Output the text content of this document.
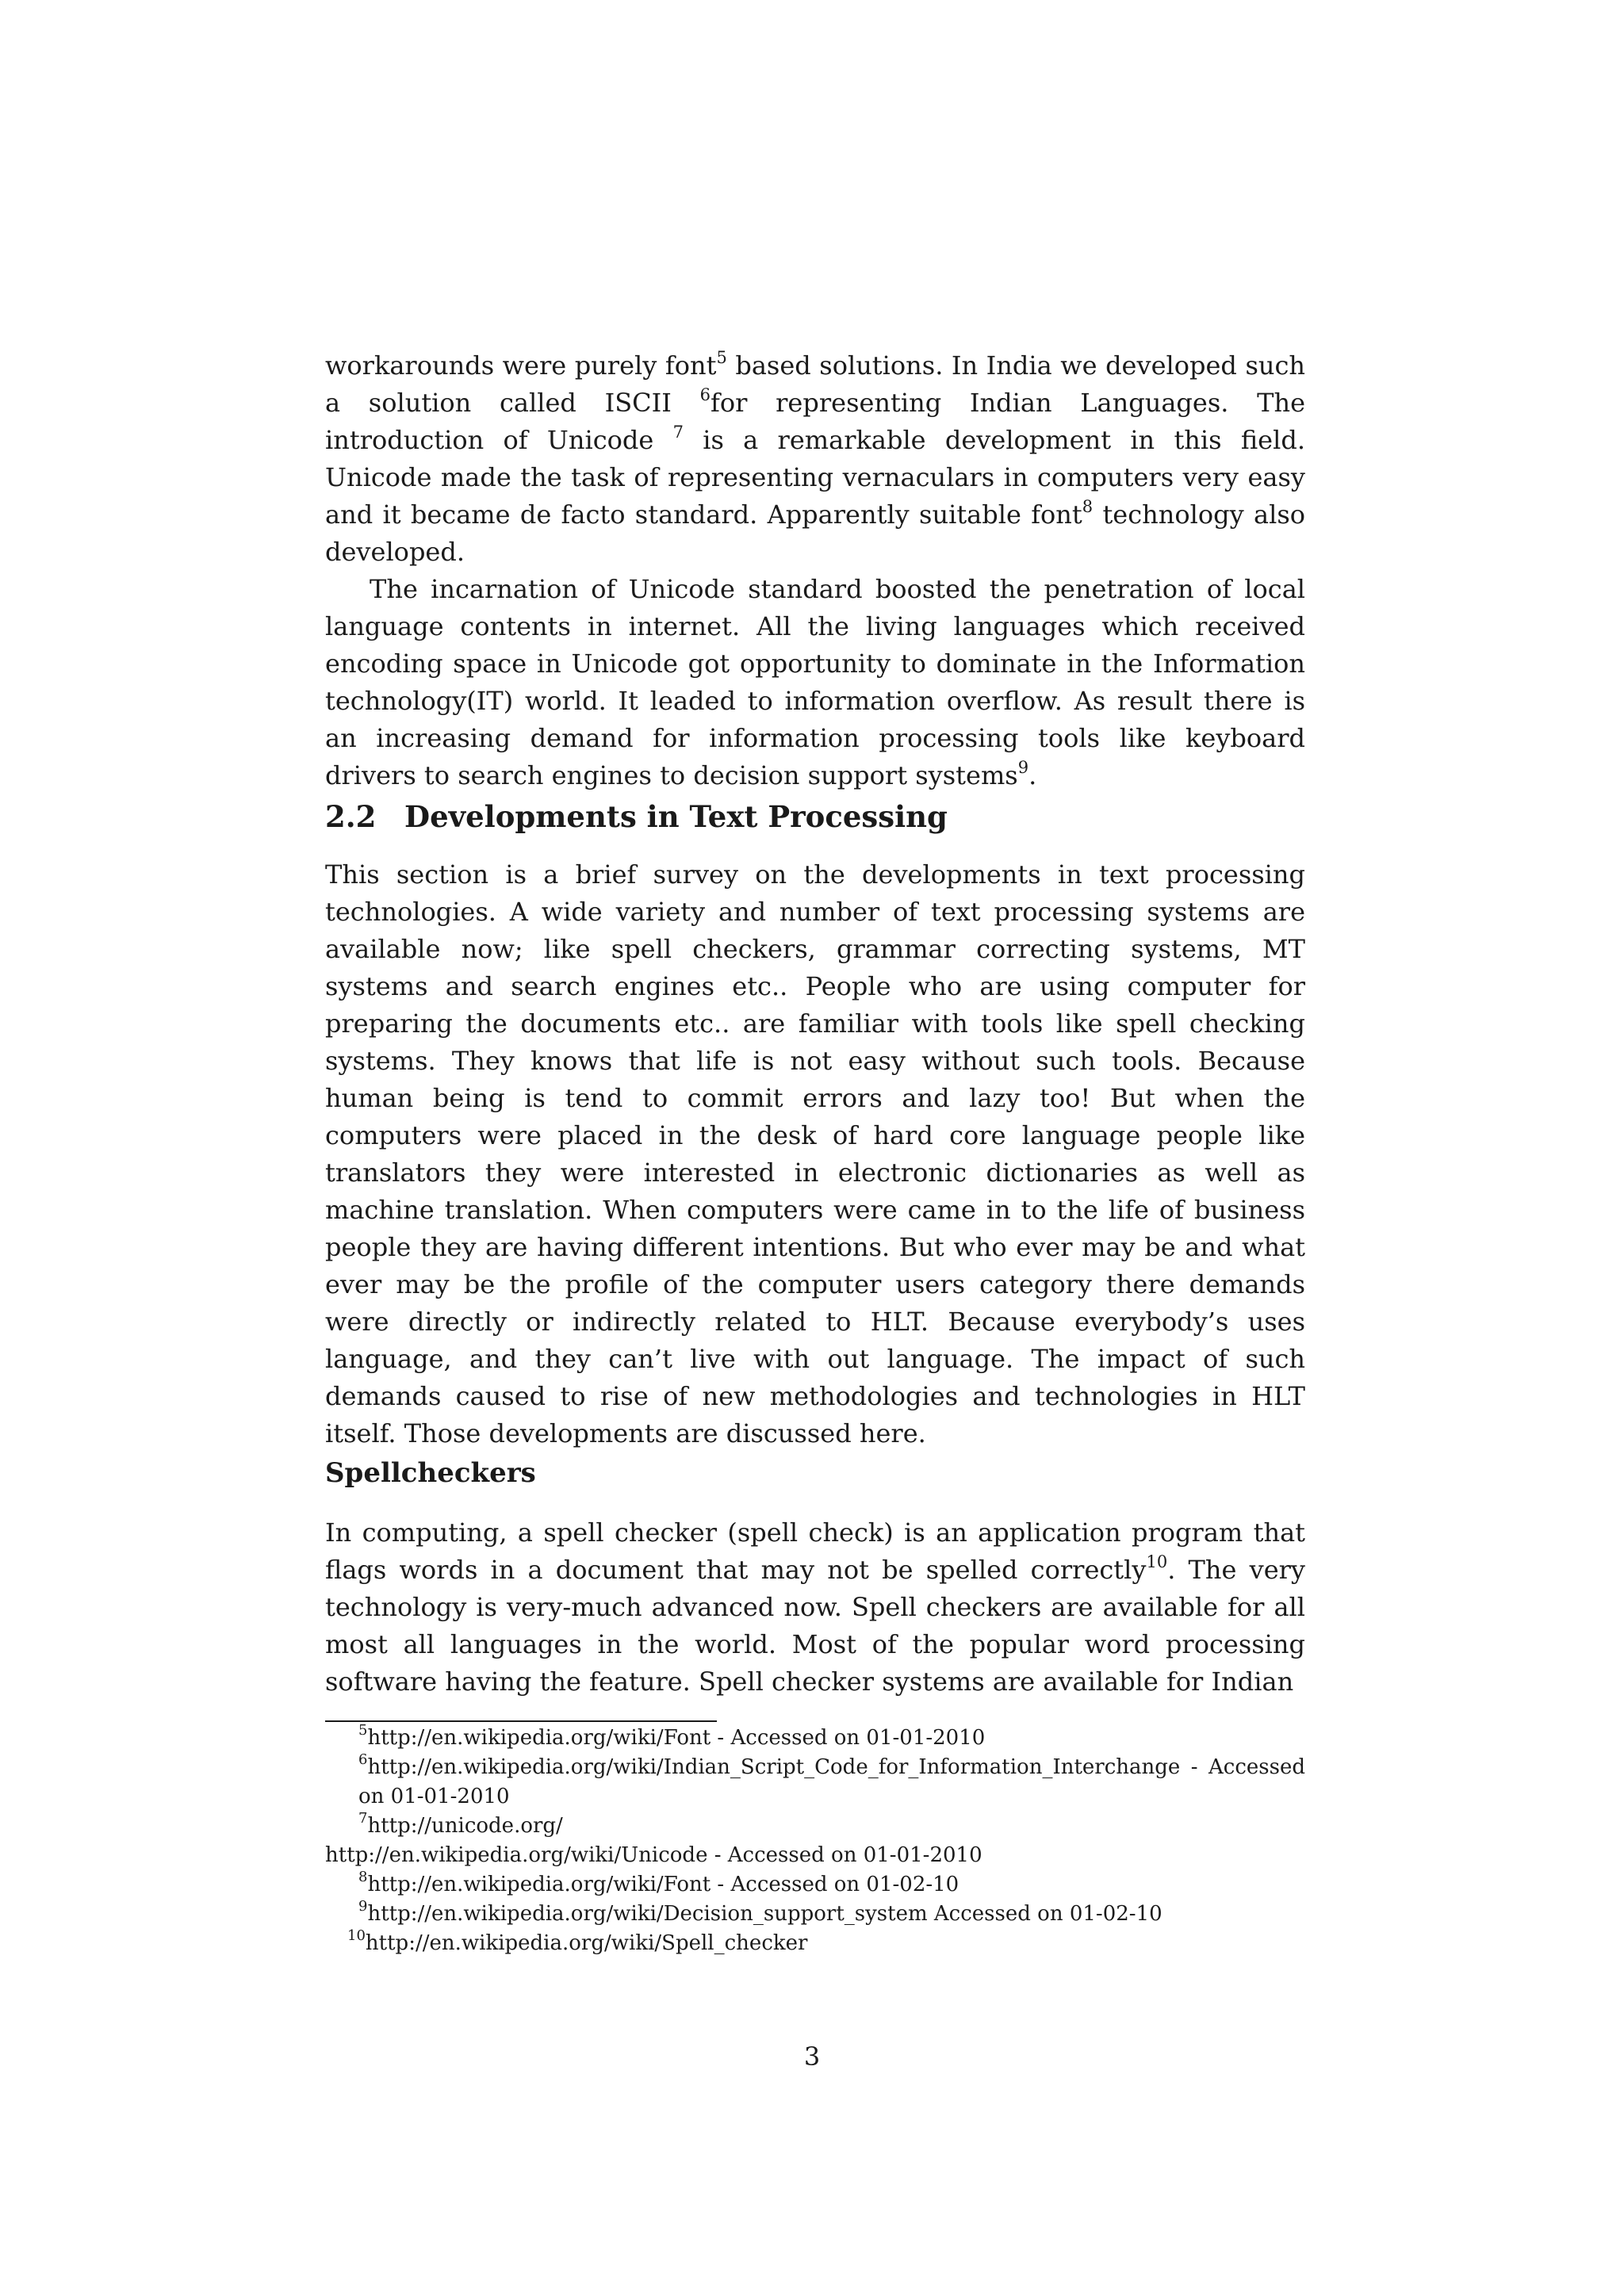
workarounds were purely font$^5$ based solutions. In India we developed such a solution called ISCII $^6$for representing Indian Languages. The introduction of Unicode $^7$ is a remarkable development in this field. Unicode made the task of representing vernaculars in computers very easy and it became de facto standard. Apparently suitable font$^8$ technology also developed.

The incarnation of Unicode standard boosted the penetration of local language contents in internet. All the living languages which received encoding space in Unicode got opportunity to dominate in the Information technology(IT) world. It leaded to information overflow. As result there is an increasing demand for information processing tools like keyboard drivers to search engines to decision support systems$^9$.

2.2 Developments in Text Processing

This section is a brief survey on the developments in text processing technologies. A wide variety and number of text processing systems are available now; like spell checkers, grammar correcting systems, MT systems and search engines etc.. People who are using computer for preparing the documents etc.. are familiar with tools like spell checking systems. They knows that life is not easy without such tools. Because human being is tend to commit errors and lazy too! But when the computers were placed in the desk of hard core language people like translators they were interested in electronic dictionaries as well as machine translation. When computers were came in to the life of business people they are having different intentions. But who ever may be and what ever may be the profile of the computer users category there demands were directly or indirectly related to HLT. Because everybody’s uses language, and they can’t live with out language. The impact of such demands caused to rise of new methodologies and technologies in HLT itself. Those developments are discussed here.

Spellcheckers

In computing, a spell checker (spell check) is an application program that flags words in a document that may not be spelled correctly$^{10}$. The very technology is very-much advanced now. Spell checkers are available for all most all languages in the world. Most of the popular word processing software having the feature. Spell checker systems are available for Indian

$^5$http://en.wikipedia.org/wiki/Font - Accessed on 01-01-2010
$^6$http://en.wikipedia.org/wiki/Indian_Script_Code_for_Information_Interchange - Accessed on 01-01-2010
$^7$http://unicode.org/
http://en.wikipedia.org/wiki/Unicode - Accessed on 01-01-2010
$^8$http://en.wikipedia.org/wiki/Font - Accessed on 01-02-10
$^9$http://en.wikipedia.org/wiki/Decision_support_system Accessed on 01-02-10
$^{10}$http://en.wikipedia.org/wiki/Spell_checker
3
